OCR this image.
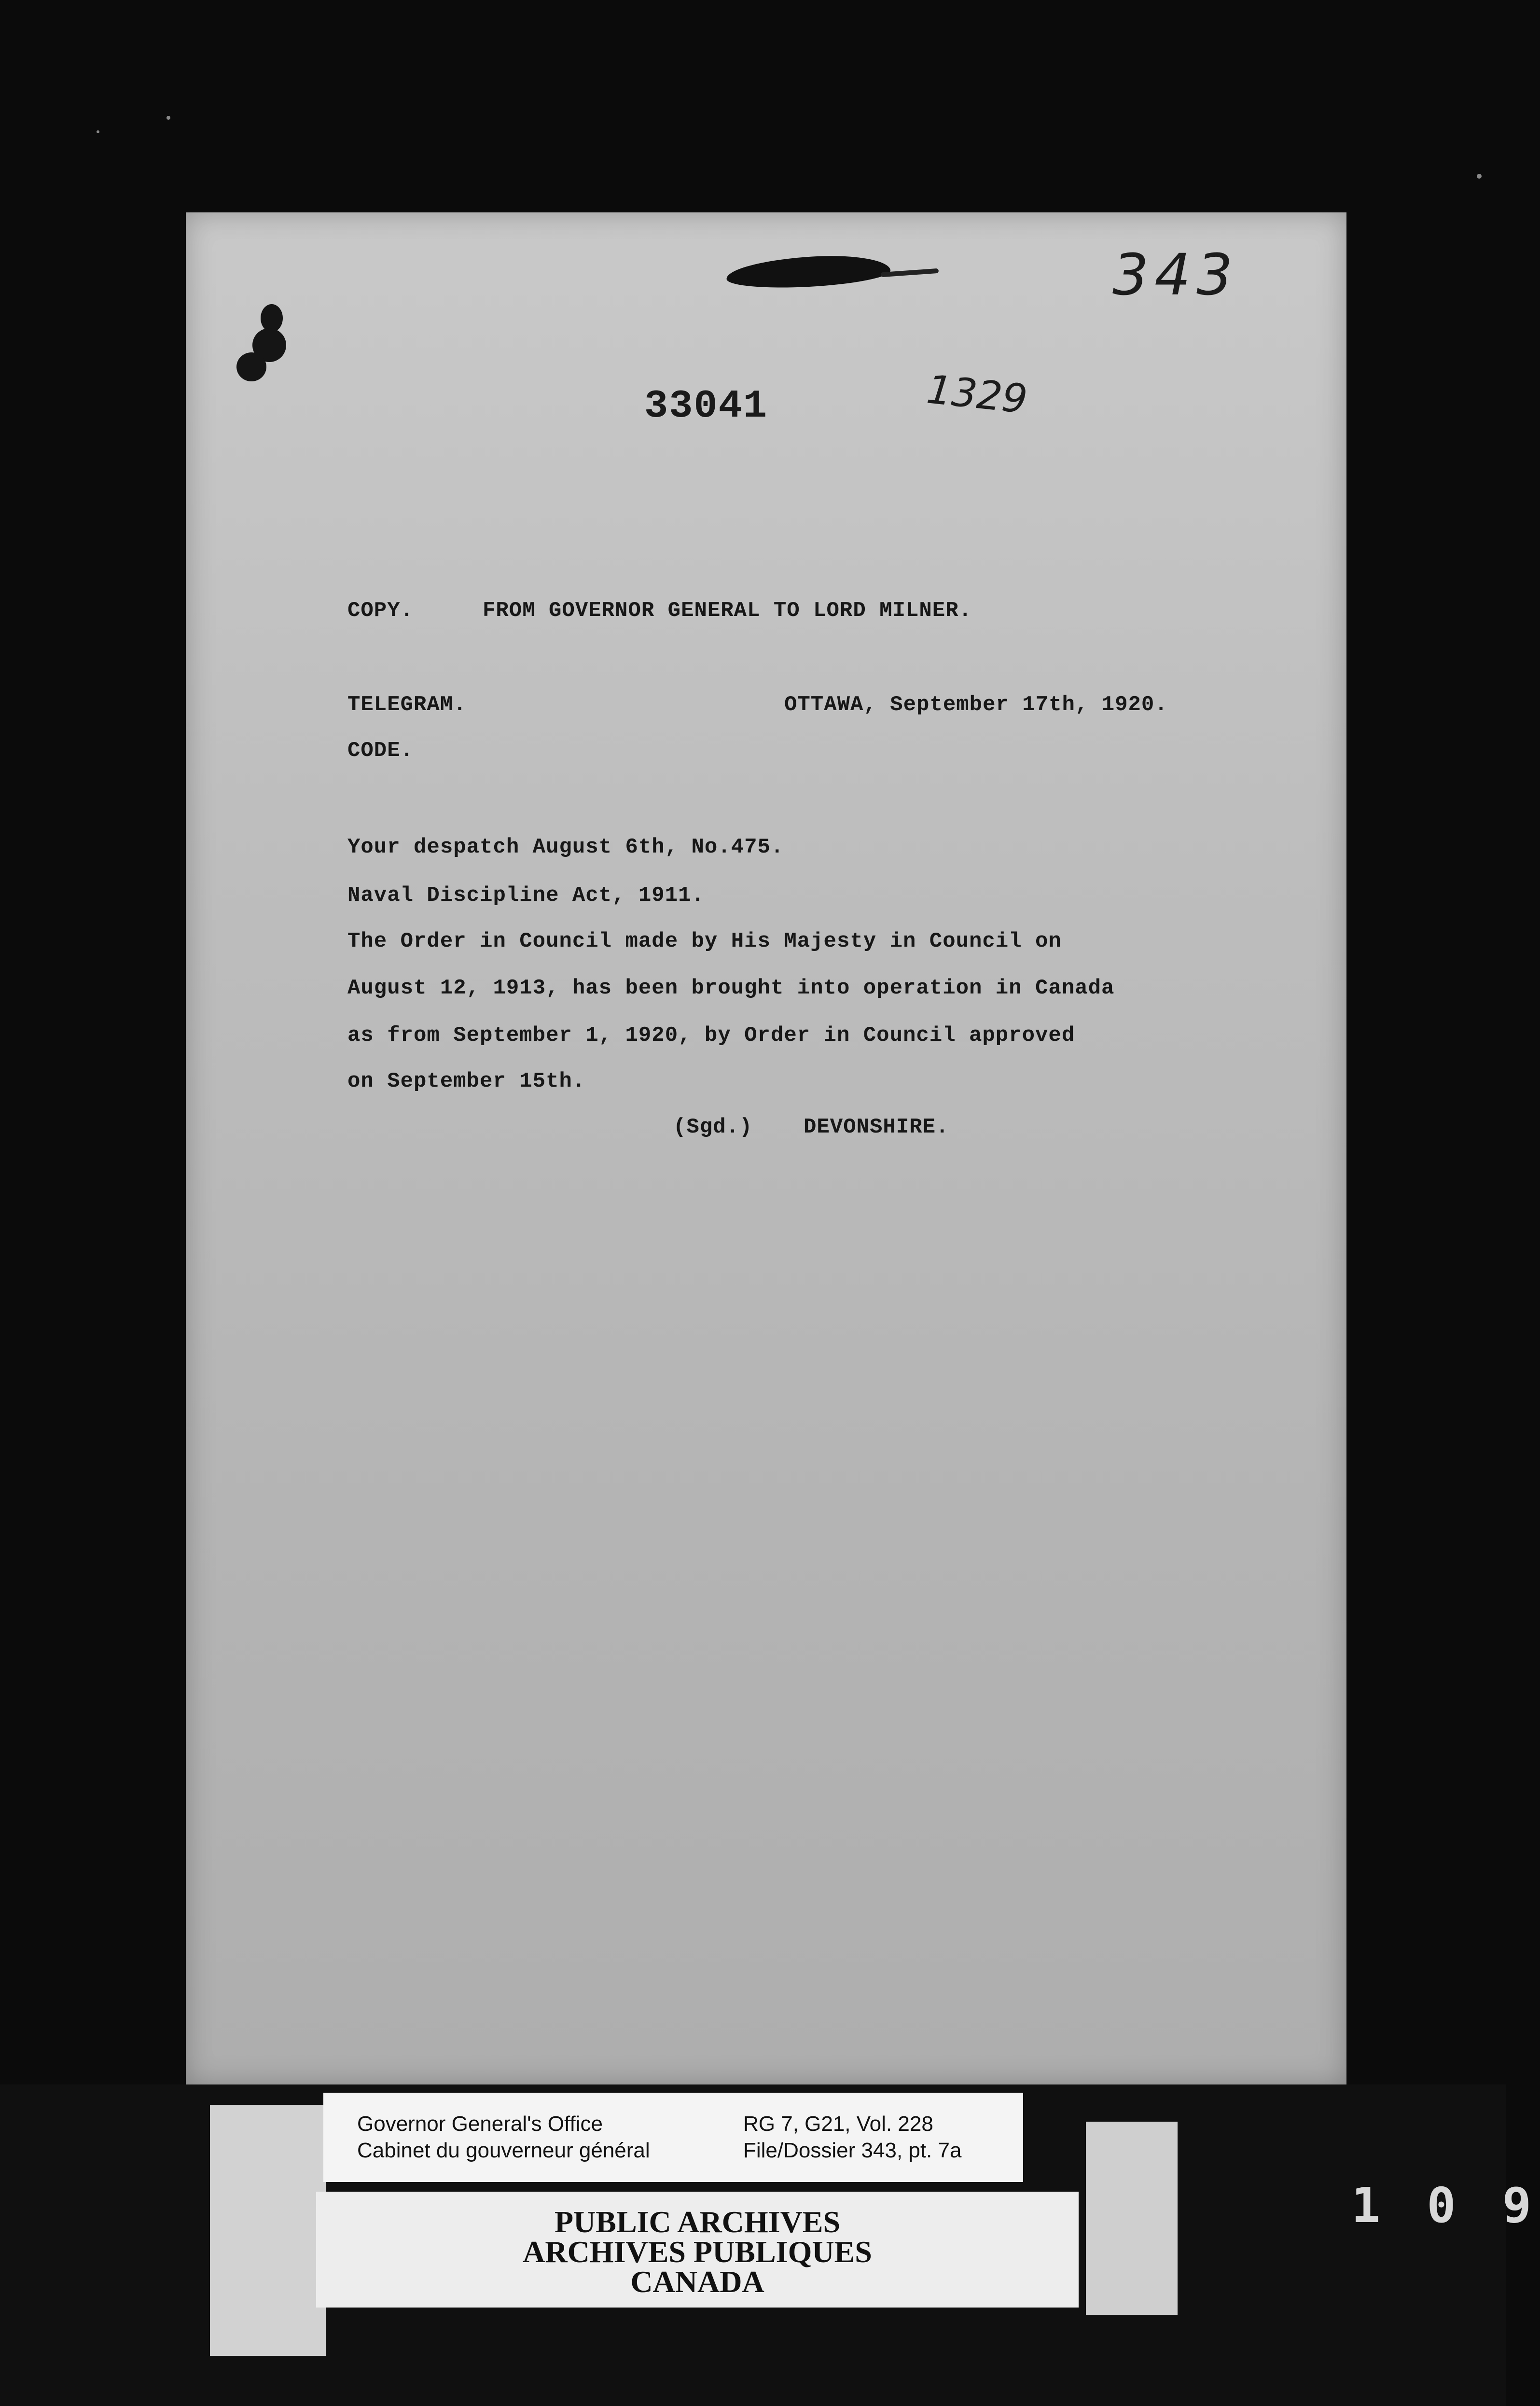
343
1329
33041
COPY.	FROM GOVERNOR GENERAL TO LORD MILNER.
TELEGRAM.	OTTAWA, September 17th, 1920.
CODE.
Your despatch August 6th, No.475.
Naval Discipline Act, 1911.
The Order in Council made by His Majesty in Council on
August 12, 1913, has been brought into operation in Canada
as from September 1, 1920, by Order in Council approved
on September 15th.
(Sgd.) DEVONSHIRE.
Governor General's Office
Cabinet du gouverneur général
RG 7, G21, Vol. 228
File/Dossier 343, pt. 7a
PUBLIC ARCHIVES
ARCHIVES PUBLIQUES
CANADA
1 0 9
